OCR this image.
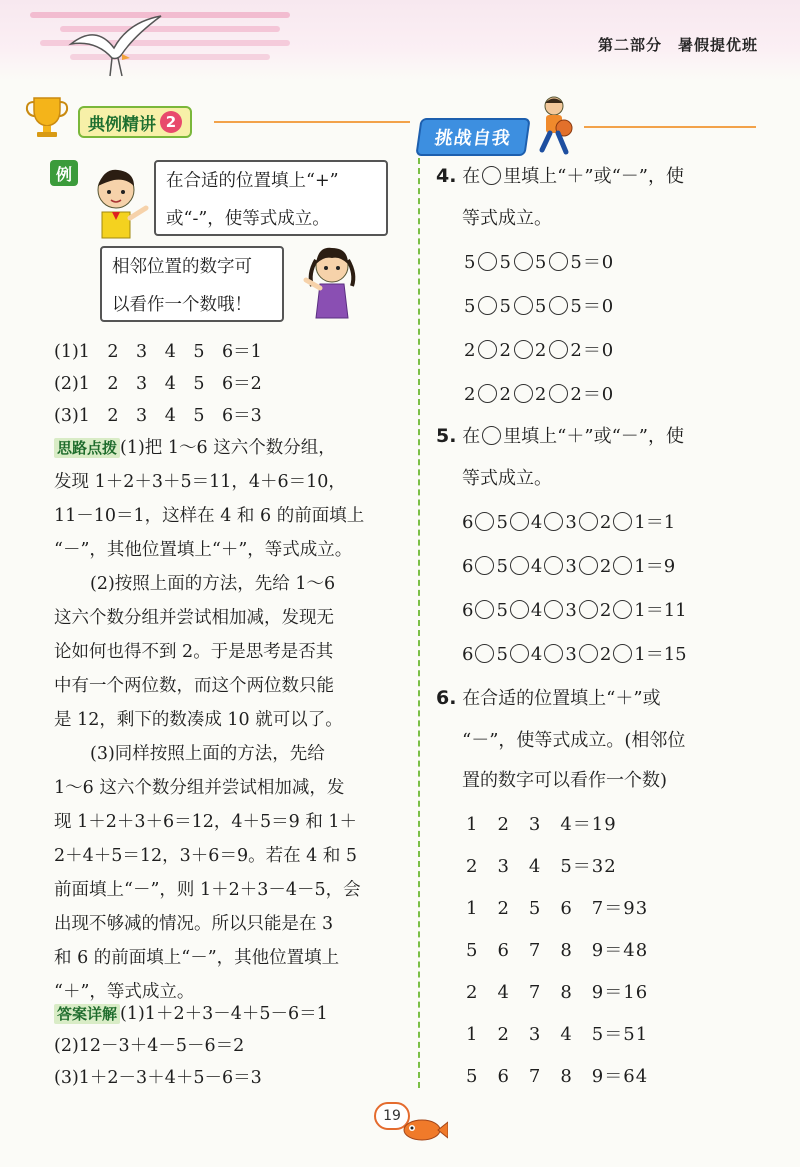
第二部分　暑假提优班
典例精讲 2
挑战自我
例	在合适的位置填上“+”
或“-”，使等式成立。
相邻位置的数字可
以看作一个数哦！
(1)1　2　3　4　5　6＝1
(2)1　2　3　4　5　6＝2
(3)1　2　3　4　5　6＝3
思路点拨 (1)把 1～6 这六个数分组，
发现 1＋2＋3＋5＝11，4＋6＝10，
11－10＝1，这样在 4 和 6 的前面填上
“－”，其他位置填上“＋”，等式成立。
(2)按照上面的方法，先给 1～6
这六个数分组并尝试相加减，发现无
论如何也得不到 2。于是思考是否其
中有一个两位数，而这个两位数只能
是 12，剩下的数凑成 10 就可以了。
(3)同样按照上面的方法，先给
1～6 这六个数分组并尝试相加减，发
现 1＋2＋3＋6＝12，4＋5＝9 和 1＋
2＋4＋5＝12，3＋6＝9。若在 4 和 5
前面填上“－”，则 1＋2＋3－4－5，会
出现不够减的情况。所以只能是在 3
和 6 的前面填上“－”，其他位置填上
“＋”，等式成立。
答案详解 (1)1＋2＋3－4＋5－6＝1
(2)12－3＋4－5－6＝2
(3)1＋2－3＋4＋5－6＝3
4. 在 里填上“＋”或“－”，使
等式成立。
5 5 5 5＝0
5 5 5 5＝0
2 2 2 2＝0
2 2 2 2＝0
5. 在 里填上“＋”或“－”，使
等式成立。
6 5 4 3 2 1＝1
6 5 4 3 2 1＝9
6 5 4 3 2 1＝11
6 5 4 3 2 1＝15
6. 在合适的位置填上“＋”或
“－”，使等式成立。(相邻位
置的数字可以看作一个数)
1　2　3　4＝19
2　3　4　5＝32
1　2　5　6　7＝93
5　6　7　8　9＝48
2　4　7　8　9＝16
1　2　3　4　5＝51
5　6　7　8　9＝64
19
